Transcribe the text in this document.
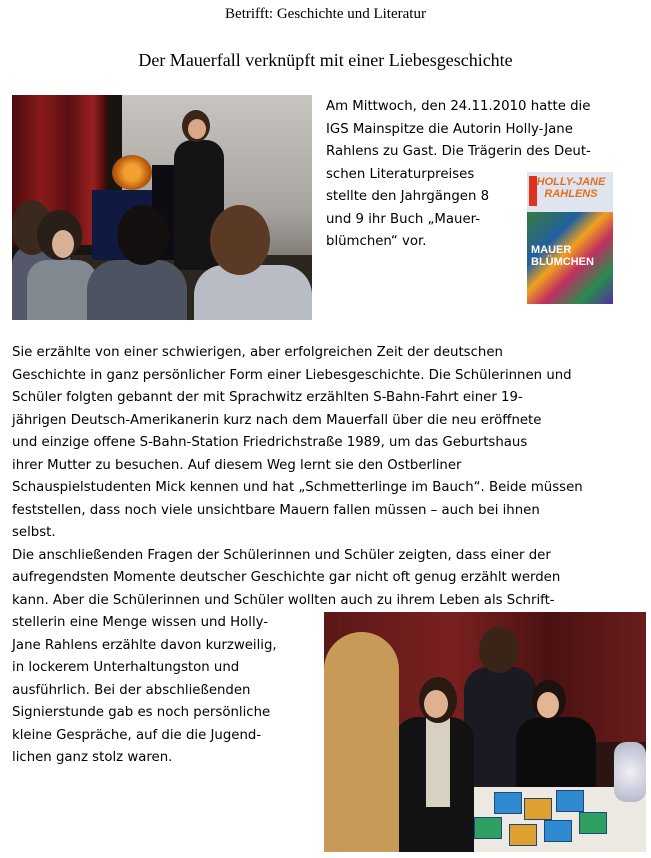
Betrifft: Geschichte und Literatur
Der Mauerfall verknüpft mit einer Liebesgeschichte
Am Mittwoch, den 24.11.2010 hatte die
IGS Mainspitze die Autorin Holly-Jane
Rahlens zu Gast. Die Trägerin des Deut-
schen Literaturpreises
stellte den Jahrgängen 8
und 9 ihr Buch „Mauer-
blümchen“ vor.
HOLLY-JANE RAHLENS
MAUER BLÜMCHEN
Sie erzählte von einer schwierigen, aber erfolgreichen Zeit der deutschen
Geschichte in ganz persönlicher Form einer Liebesgeschichte. Die Schülerinnen und
Schüler folgten gebannt der mit Sprachwitz erzählten S-Bahn-Fahrt einer 19-
jährigen Deutsch-Amerikanerin kurz nach dem Mauerfall über die neu eröffnete
und einzige offene S-Bahn-Station Friedrichstraße 1989, um das Geburtshaus
ihrer Mutter zu besuchen. Auf diesem Weg lernt sie den Ostberliner
Schauspielstudenten Mick kennen und hat „Schmetterlinge im Bauch“. Beide müssen
feststellen, dass noch viele unsichtbare Mauern fallen müssen – auch bei ihnen
selbst.
Die anschließenden Fragen der Schülerinnen und Schüler zeigten, dass einer der
aufregendsten Momente deutscher Geschichte gar nicht oft genug erzählt werden
kann. Aber die Schülerinnen und Schüler wollten auch zu ihrem Leben als Schrift-
stellerin eine Menge wissen und Holly-
Jane Rahlens erzählte davon kurzweilig,
in lockerem Unterhaltungston und
ausführlich. Bei der abschließenden
Signierstunde gab es noch persönliche
kleine Gespräche, auf die die Jugend-
lichen ganz stolz waren.
